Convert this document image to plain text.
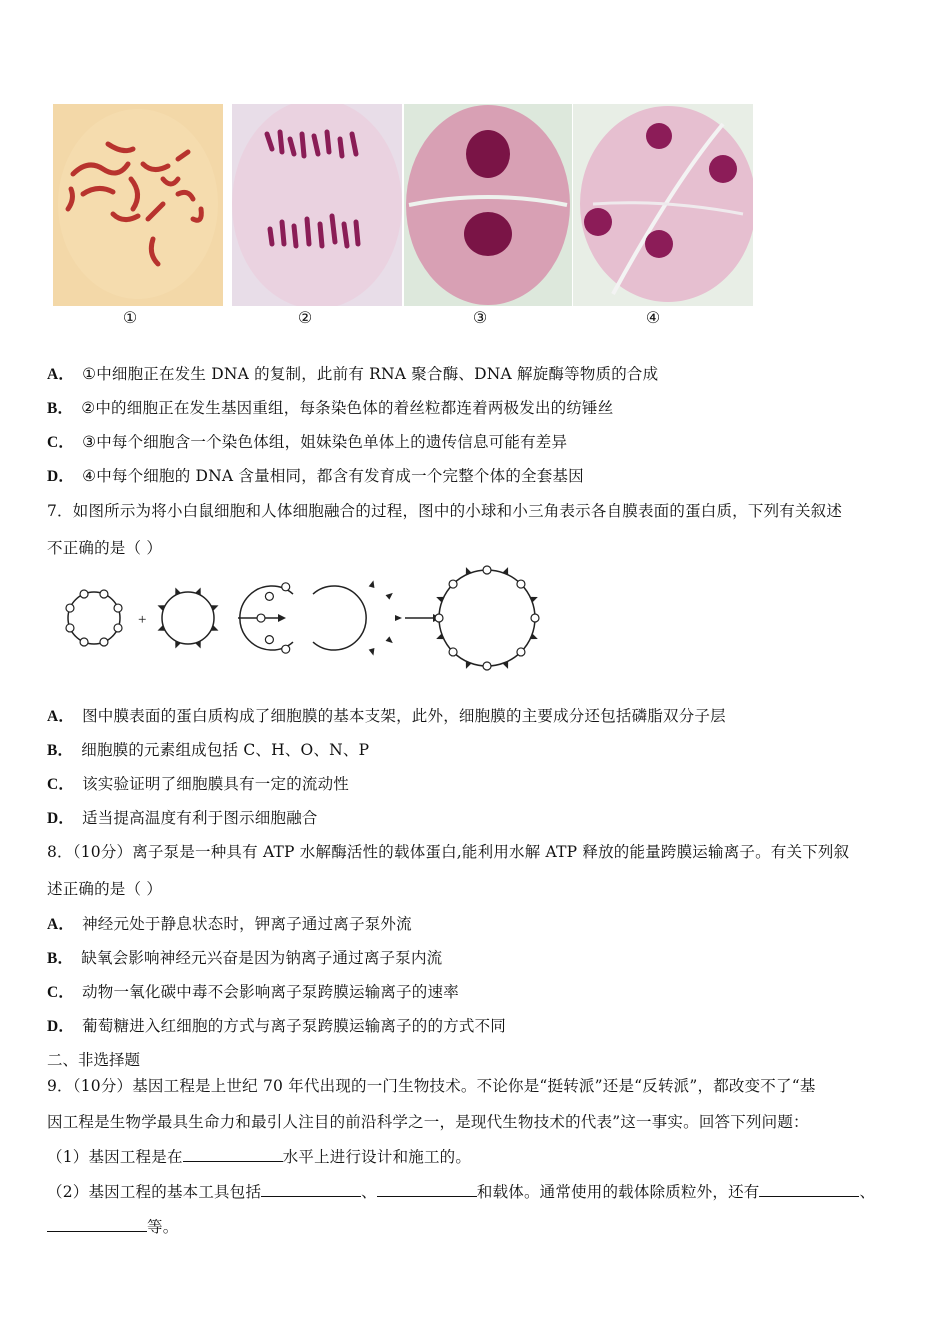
①	②	③	④
A． ①中细胞正在发生 DNA 的复制，此前有 RNA 聚合酶、DNA 解旋酶等物质的合成
B． ②中的细胞正在发生基因重组，每条染色体的着丝粒都连着两极发出的纺锤丝
C． ③中每个细胞含一个染色体组，姐妹染色单体上的遗传信息可能有差异
D． ④中每个细胞的 DNA 含量相同，都含有发育成一个完整个体的全套基因
7．如图所示为将小白鼠细胞和人体细胞融合的过程，图中的小球和小三角表示各自膜表面的蛋白质，下列有关叙述
不正确的是（ ）
+
A． 图中膜表面的蛋白质构成了细胞膜的基本支架，此外，细胞膜的主要成分还包括磷脂双分子层
B． 细胞膜的元素组成包括 C、H、O、N、P
C． 该实验证明了细胞膜具有一定的流动性
D． 适当提高温度有利于图示细胞融合
8．（10分）离子泵是一种具有 ATP 水解酶活性的载体蛋白,能利用水解 ATP 释放的能量跨膜运输离子。有关下列叙
述正确的是（ ）
A． 神经元处于静息状态时，钾离子通过离子泵外流
B． 缺氧会影响神经元兴奋是因为钠离子通过离子泵内流
C． 动物一氧化碳中毒不会影响离子泵跨膜运输离子的速率
D． 葡萄糖进入红细胞的方式与离子泵跨膜运输离子的的方式不同
二、非选择题
9．（10分）基因工程是上世纪 70 年代出现的一门生物技术。不论你是“挺转派”还是“反转派”，都改变不了“基
因工程是生物学最具生命力和最引人注目的前沿科学之一，是现代生物技术的代表”这一事实。回答下列问题：
（1）基因工程是在	水平上进行设计和施工的。
（2）基因工程的基本工具包括	、	和载体。通常使用的载体除质粒外，还有	、
等。
